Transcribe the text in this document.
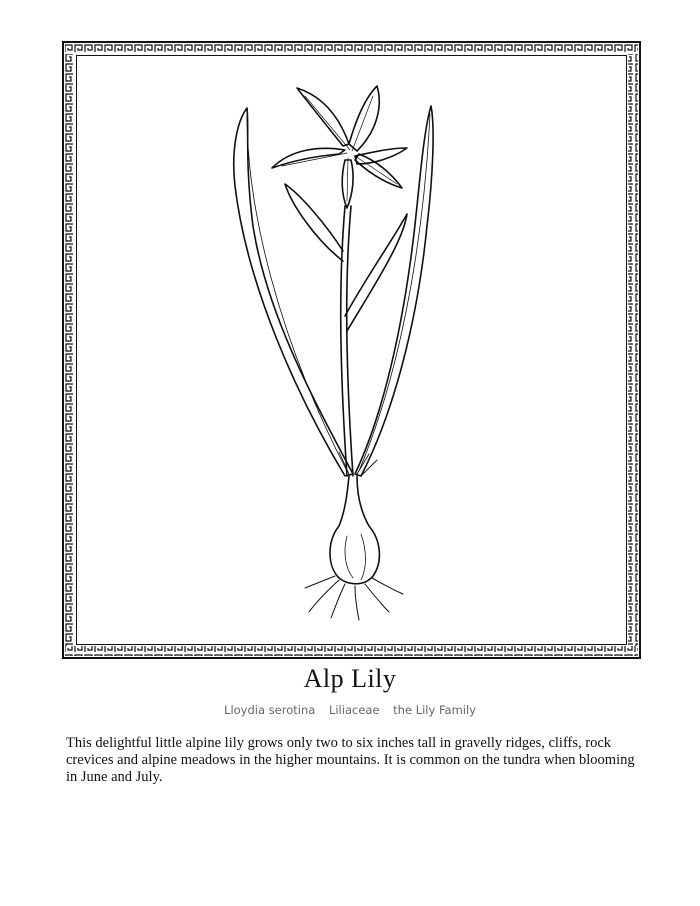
Alp Lily
Lloydia serotina Liliaceae the Lily Family
This delightful little alpine lily grows only two to six inches tall in gravelly ridges, cliffs, rock crevices and alpine meadows in the higher mountains. It is common on the tundra when blooming in June and July.
